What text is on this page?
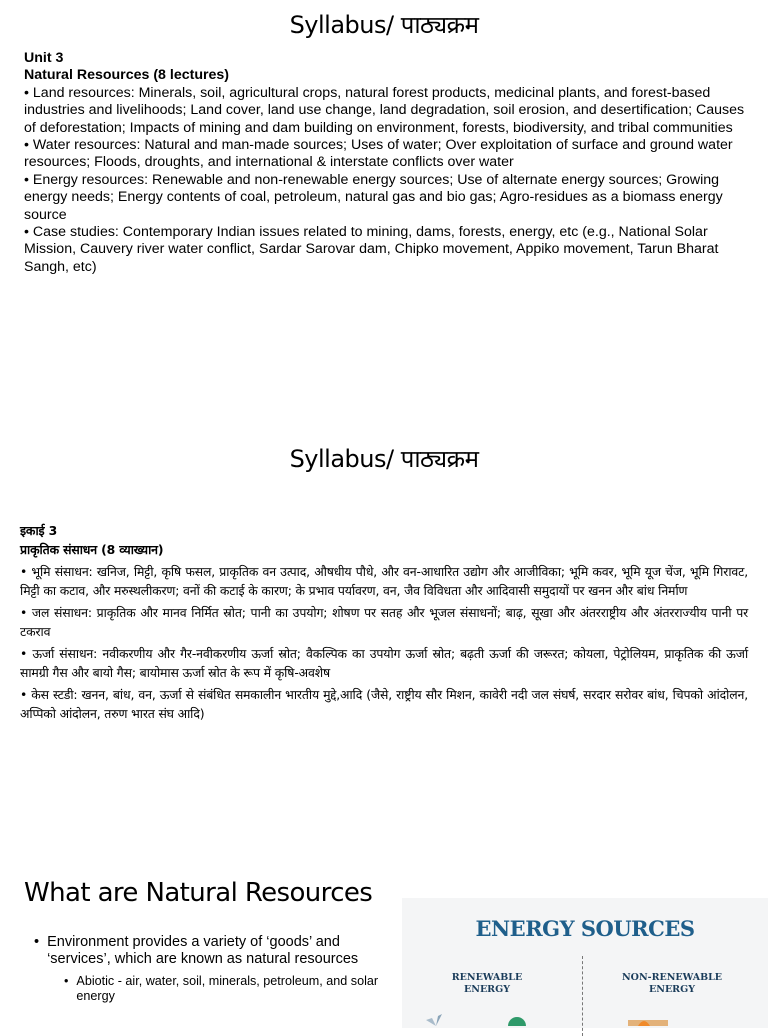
Syllabus/ पाठ्यक्रम
Unit 3
Natural Resources (8 lectures)
• Land resources: Minerals, soil, agricultural crops, natural forest products, medicinal plants, and forest-based industries and livelihoods; Land cover, land use change, land degradation, soil erosion, and desertification; Causes of deforestation; Impacts of mining and dam building on environment, forests, biodiversity, and tribal communities
• Water resources: Natural and man-made sources; Uses of water; Over exploitation of surface and ground water resources; Floods, droughts, and international & interstate conflicts over water
• Energy resources: Renewable and non-renewable energy sources; Use of alternate energy sources; Growing energy needs; Energy contents of coal, petroleum, natural gas and bio gas; Agro-residues as a biomass energy source
• Case studies: Contemporary Indian issues related to mining, dams, forests, energy, etc (e.g., National Solar Mission, Cauvery river water conflict, Sardar Sarovar dam, Chipko movement, Appiko movement, Tarun Bharat Sangh, etc)
Syllabus/ पाठ्यक्रम
इकाई 3
प्राकृतिक संसाधन (8 व्याख्यान)

• भूमि संसाधन: खनिज, मिट्टी, कृषि फसल, प्राकृतिक वन उत्पाद, औषधीय पौधे, और वन-आधारित उद्योग और आजीविका; भूमि कवर, भूमि यूज चेंज, भूमि गिरावट, मिट्टी का कटाव, और मरुस्थलीकरण; वनों की कटाई के कारण; के प्रभाव पर्यावरण, वन, जैव विविधता और आदिवासी समुदायों पर खनन और बांध निर्माण

• जल संसाधन: प्राकृतिक और मानव निर्मित स्रोत; पानी का उपयोग; शोषण पर सतह और भूजल संसाधनों; बाढ़, सूखा और अंतरराष्ट्रीय और अंतरराज्यीय पानी पर टकराव

• ऊर्जा संसाधन: नवीकरणीय और गैर-नवीकरणीय ऊर्जा स्रोत; वैकल्पिक का उपयोग ऊर्जा स्रोत; बढ़ती ऊर्जा की जरूरत; कोयला, पेट्रोलियम, प्राकृतिक की ऊर्जा सामग्री गैस और बायो गैस; बायोमास ऊर्जा स्रोत के रूप में कृषि-अवशेष

• केस स्टडी: खनन, बांध, वन, ऊर्जा से संबंधित समकालीन भारतीय मुद्दे,आदि (जैसे, राष्ट्रीय सौर मिशन, कावेरी नदी जल संघर्ष, सरदार सरोवर बांध, चिपको आंदोलन, अप्पिको आंदोलन, तरुण भारत संघ आदि)

What are Natural Resources
• Environment provides a variety of ‘goods’ and ‘services’, which are known as natural resources
• Abiotic - air, water, soil, minerals, petroleum, and solar energy
ENERGY SOURCES
RENEWABLE ENERGY
NON-RENEWABLE ENERGY
